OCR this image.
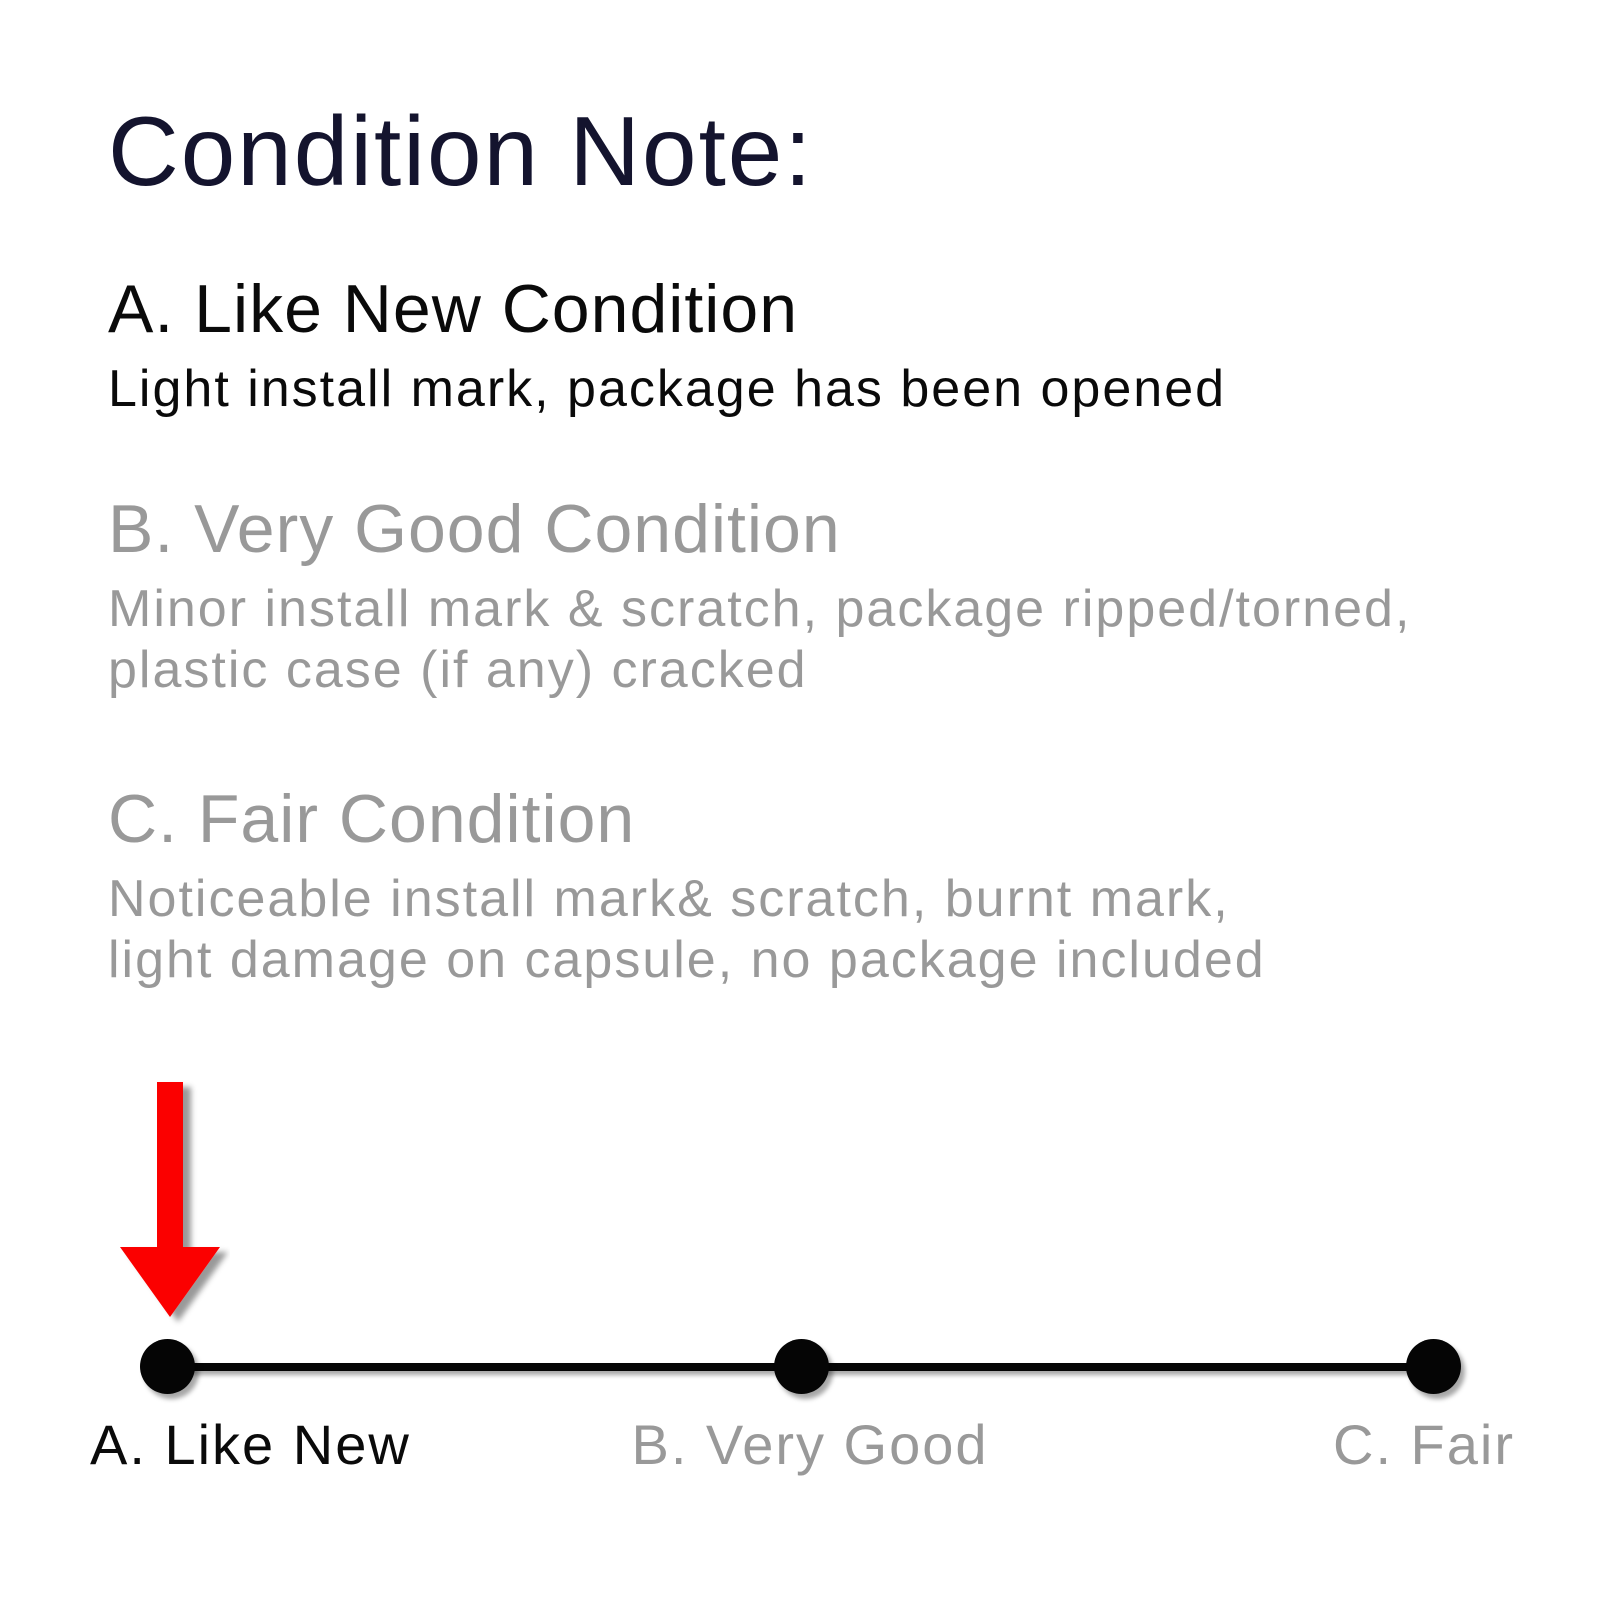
Condition Note:
A. Like New Condition
Light install mark, package has been opened
B. Very Good Condition
Minor install mark & scratch, package ripped/torned,
plastic case (if any) cracked
C. Fair Condition
Noticeable install mark& scratch, burnt mark,
light damage on capsule, no package included
A. Like New	B. Very Good	C. Fair
